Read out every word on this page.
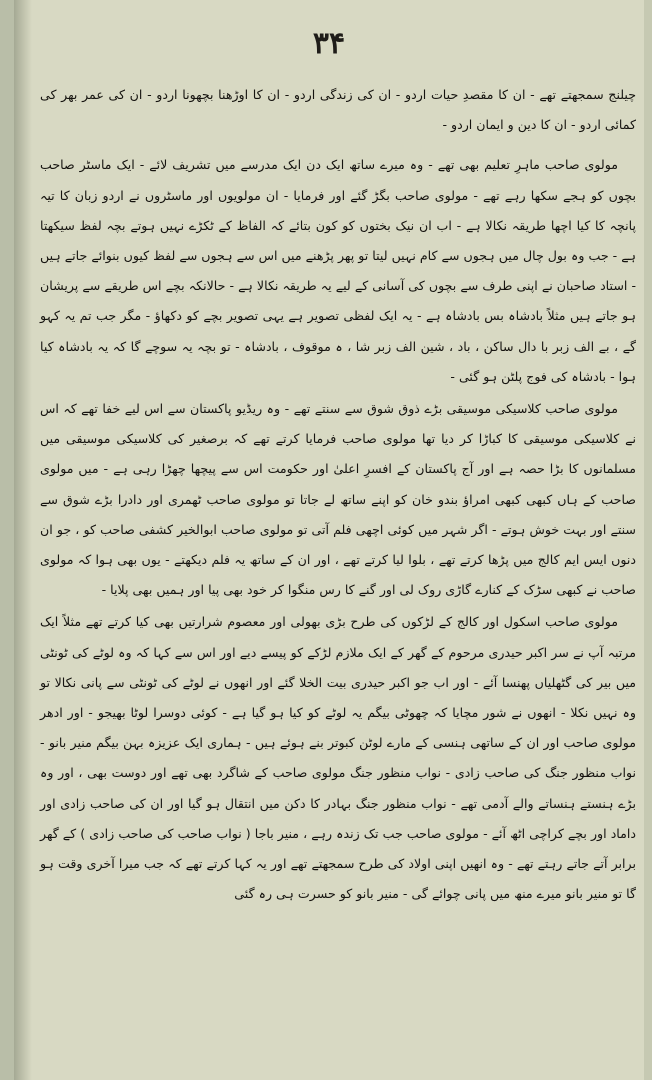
۳۴

چیلنج سمجھتے تھے - ان کا مقصدِ حیات اردو - ان کی زندگی اردو - ان کا اوڑھنا بچھونا اردو - ان کی عمر بھر کی کمائی اردو - ان کا دین و ایمان اردو -

مولوی صاحب ماہرِ تعلیم بھی تھے - وہ میرے ساتھ ایک دن ایک مدرسے میں تشریف لائے - ایک ماسٹر صاحب بچوں کو ہجے سکھا رہے تھے - مولوی صاحب بگڑ گئے اور فرمایا - ان مولویوں اور ماسٹروں نے اردو زبان کا تیہ پانچہ کا کیا اچھا طریقہ نکالا ہے - اب ان نیک بختوں کو کون بتائے کہ الفاظ کے ٹکڑے نہیں ہوتے بچہ لفظ سیکھتا ہے - جب وہ بول چال میں ہجوں سے کام نہیں لیتا تو پھر پڑھنے میں اس سے ہجوں سے لفظ کیوں بنوائے جاتے ہیں - استاد صاحبان نے اپنی طرف سے بچوں کی آسانی کے لیے یہ طریقہ نکالا ہے - حالانکہ بچے اس طریقے سے پریشان ہو جاتے ہیں مثلاً بادشاہ بس بادشاہ ہے - یہ ایک لفظی تصویر ہے یہی تصویر بچے کو دکھاؤ - مگر جب تم یہ کہو گے ، بے الف زبر با دال ساکن ، باد ، شین الف زبر شا ، ہ موقوف ، بادشاہ - تو بچہ یہ سوچے گا کہ یہ بادشاہ کیا ہوا - بادشاہ کی فوج پلٹن ہو گئی -

مولوی صاحب کلاسیکی موسیقی بڑے ذوق شوق سے سنتے تھے - وہ ریڈیو پاکستان سے اس لیے خفا تھے کہ اس نے کلاسیکی موسیقی کا کباڑا کر دیا تھا مولوی صاحب فرمایا کرتے تھے کہ برصغیر کی کلاسیکی موسیقی میں مسلمانوں کا بڑا حصہ ہے اور آج پاکستان کے افسرِ اعلیٰ اور حکومت اس سے پیچھا چھڑا رہی ہے - میں مولوی صاحب کے ہاں کبھی کبھی امراؤ بندو خان کو اپنے ساتھ لے جاتا تو مولوی صاحب ٹھمری اور دادرا بڑے شوق سے سنتے اور بہت خوش ہوتے - اگر شہر میں کوئی اچھی فلم آتی تو مولوی صاحب ابوالخیر کشفی صاحب کو ، جو ان دنوں ایس ایم کالج میں پڑھا کرتے تھے ، بلوا لیا کرتے تھے ، اور ان کے ساتھ یہ فلم دیکھتے - یوں بھی ہوا کہ مولوی صاحب نے کبھی سڑک کے کنارے گاڑی روک لی اور گنے کا رس منگوا کر خود بھی پیا اور ہمیں بھی پلایا -

مولوی صاحب اسکول اور کالج کے لڑکوں کی طرح بڑی بھولی اور معصوم شرارتیں بھی کیا کرتے تھے مثلاً ایک مرتبہ آپ نے سر اکبر حیدری مرحوم کے گھر کے ایک ملازم لڑکے کو پیسے دیے اور اس سے کہا کہ وہ لوٹے کی ٹونٹی میں بیر کی گٹھلیاں پھنسا آئے - اور اب جو اکبر حیدری بیت الخلا گئے اور انھوں نے لوٹے کی ٹونٹی سے پانی نکالا تو وہ نہیں نکلا - انھوں نے شور مچایا کہ چھوٹی بیگم یہ لوٹے کو کیا ہو گیا ہے - کوئی دوسرا لوٹا بھیجو - اور ادھر مولوی صاحب اور ان کے ساتھی ہنسی کے مارے لوٹن کبوتر بنے ہوئے ہیں - ہماری ایک عزیزہ بہن بیگم منیر بانو - نواب منظور جنگ کی صاحب زادی - نواب منظور جنگ مولوی صاحب کے شاگرد بھی تھے اور دوست بھی ، اور وہ بڑے ہنستے ہنساتے والے آدمی تھے - نواب منظور جنگ بہادر کا دکن میں انتقال ہو گیا اور ان کی صاحب زادی اور داماد اور بچے کراچی اٹھ آئے - مولوی صاحب جب تک زندہ رہے ، منیر باجا ( نواب صاحب کی صاحب زادی ) کے گھر برابر آتے جاتے رہتے تھے - وہ انھیں اپنی اولاد کی طرح سمجھتے تھے اور یہ کہا کرتے تھے کہ جب میرا آخری وقت ہو گا تو منیر بانو میرے منھ میں پانی چوائے گی - منیر بانو کو حسرت ہی رہ گئی
